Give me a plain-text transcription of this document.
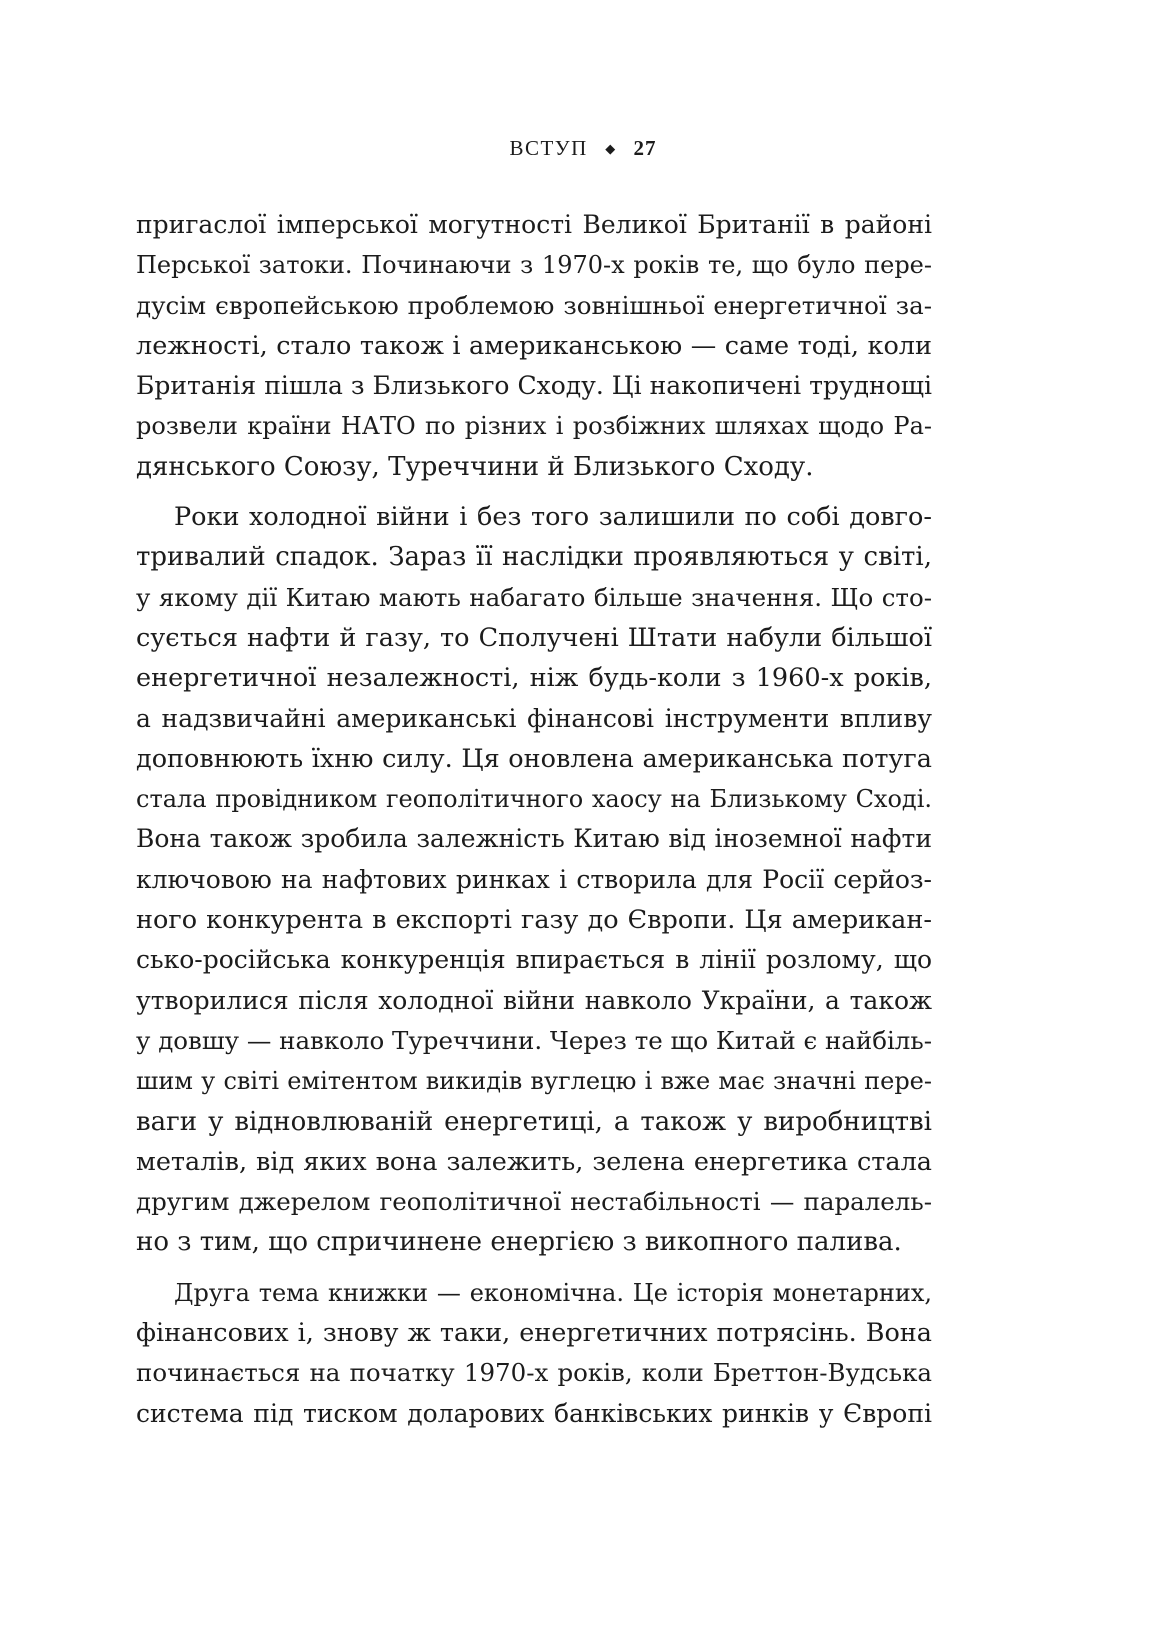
ВСТУП ◆ 27
пригаслої імперської могутності Великої Британії в районі
Перської затоки. Починаючи з 1970-х років те, що було пере-
дусім європейською проблемою зовнішньої енергетичної за-
лежності, стало також і американською — саме тоді, коли
Британія пішла з Близького Сходу. Ці накопичені труднощі
розвели країни НАТО по різних і розбіжних шляхах щодо Ра-
дянського Союзу, Туреччини й Близького Сходу.
Роки холодної війни і без того залишили по собі довго-
тривалий спадок. Зараз її наслідки проявляються у світі,
у якому дії Китаю мають набагато більше значення. Що сто-
сується нафти й газу, то Сполучені Штати набули більшої
енергетичної незалежності, ніж будь-коли з 1960-х років,
а надзвичайні американські фінансові інструменти впливу
доповнюють їхню силу. Ця оновлена американська потуга
стала провідником геополітичного хаосу на Близькому Сході.
Вона також зробила залежність Китаю від іноземної нафти
ключовою на нафтових ринках і створила для Росії серйоз-
ного конкурента в експорті газу до Європи. Ця американ-
сько-російська конкуренція впирається в лінії розлому, що
утворилися після холодної війни навколо України, а також
у довшу — навколо Туреччини. Через те що Китай є найбіль-
шим у світі емітентом викидів вуглецю і вже має значні пере-
ваги у відновлюваній енергетиці, а також у виробництві
металів, від яких вона залежить, зелена енергетика стала
другим джерелом геополітичної нестабільності — паралель-
но з тим, що спричинене енергією з викопного палива.
Друга тема книжки — економічна. Це історія монетарних,
фінансових і, знову ж таки, енергетичних потрясінь. Вона
починається на початку 1970-х років, коли Бреттон-Вудська
система під тиском доларових банківських ринків у Європі
